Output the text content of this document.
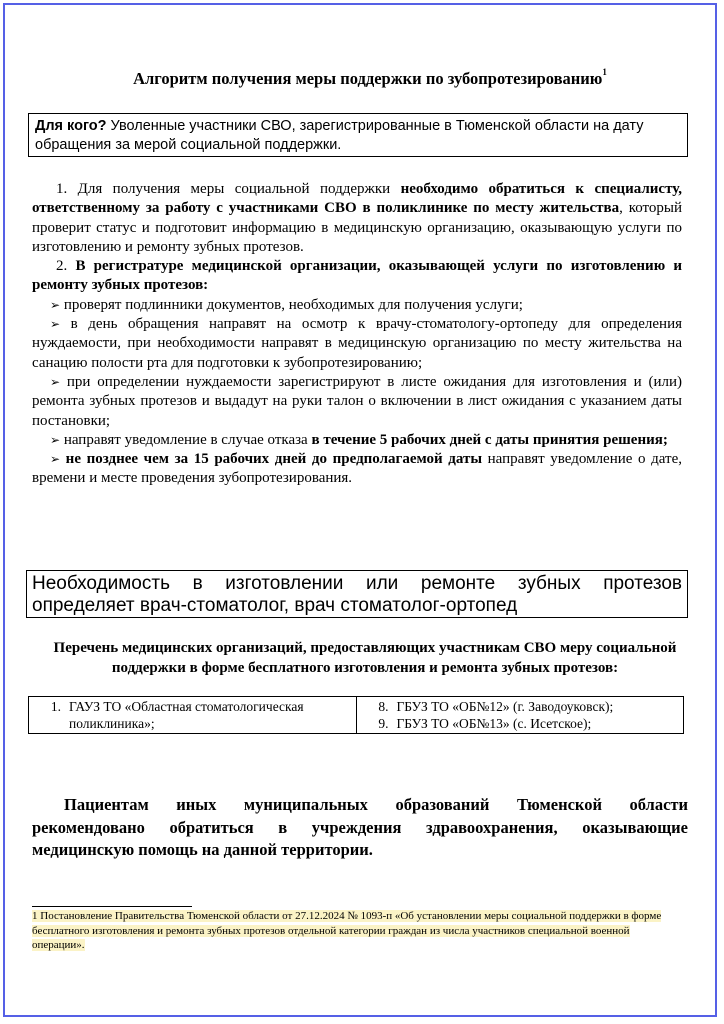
Алгоритм получения меры поддержки по зубопротезированию$^1$
Для кого? Уволенные участники СВО, зарегистрированные в Тюменской области на дату обращения за мерой социальной поддержки.

1. Для получения меры социальной поддержки необходимо обратиться к специалисту, ответственному за работу с участниками СВО в поликлинике по месту жительства, который проверит статус и подготовит информацию в медицинскую организацию, оказывающую услуги по изготовлению и ремонту зубных протезов.

2. В регистратуре медицинской организации, оказывающей услуги по изготовлению и ремонту зубных протезов:

➢ проверят подлинники документов, необходимых для получения услуги;

➢ в день обращения направят на осмотр к врачу-стоматологу-ортопеду для определения нуждаемости, при необходимости направят в медицинскую организацию по месту жительства на санацию полости рта для подготовки к зубопротезированию;

➢ при определении нуждаемости зарегистрируют в листе ожидания для изготовления и (или) ремонта зубных протезов и выдадут на руки талон о включении в лист ожидания с указанием даты постановки;

➢ направят уведомление в случае отказа в течение 5 рабочих дней с даты принятия решения;

➢ не позднее чем за 15 рабочих дней до предполагаемой даты направят уведомление о дате, времени и месте проведения зубопротезирования.

Необходимость в изготовлении или ремонте зубных протезов определяет врач-стоматолог, врач стоматолог-ортопед
Перечень медицинских организаций, предоставляющих участникам СВО меру социальной поддержки в форме бесплатного изготовления и ремонта зубных протезов:
1. ГАУЗ ТО «Областная стоматологическая поликлиника»;

8. ГБУЗ ТО «ОБ№12» (г. Заводоуковск);
9. ГБУЗ ТО «ОБ№13» (с. Исетское);
Пациентам иных муниципальных образований Тюменской области рекомендовано обратиться в учреждения здравоохранения, оказывающие медицинскую помощь на данной территории.
1 Постановление Правительства Тюменской области от 27.12.2024 № 1093-п «Об установлении меры социальной поддержки в форме бесплатного изготовления и ремонта зубных протезов отдельной категории граждан из числа участников специальной военной операции».
